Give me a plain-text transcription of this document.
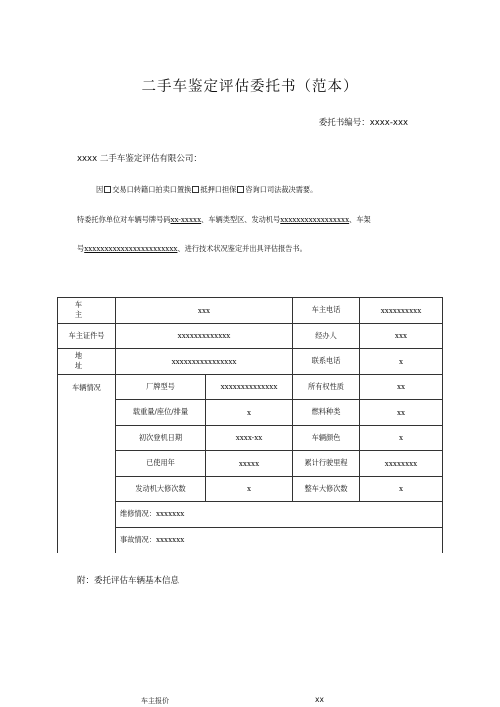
二手车鉴定评估委托书（范本）
委托书编号：xxxx-xxx
xxxx 二手车鉴定评估有限公司：
因 交易口转籍口拍卖口置换 抵押口担保 咨询口司法裁决需要。
特委托你单位对车辆号牌号码xx-xxxxx、车辆类型区、发动机号xxxxxxxxxxxxxxxxx、车架
号xxxxxxxxxxxxxxxxxxxxxxx、进行技术状况鉴定并出具评估报告书。
车　主	xxx		车主电话	xxxxxxxxxx
车主证件号	xxxxxxxxxxxxx		经办人	xxx
地　址	xxxxxxxxxxxxxxxx		联系电话	x
车辆情况	厂牌型号	xxxxxxxxxxxxxx	所有权性质	xx
	载重量/座位/排量	x	燃料种类	xx
	初次登机日期	xxxx-xx	车辆颜色	x
	已使用年	xxxxx	累计行驶里程	xxxxxxxx
	发动机大修次数	x	整车大修次数	x
	维修情况：xxxxxxx			
	事故情况：xxxxxxx			
附：委托评估车辆基本信息
车主报价	xx
